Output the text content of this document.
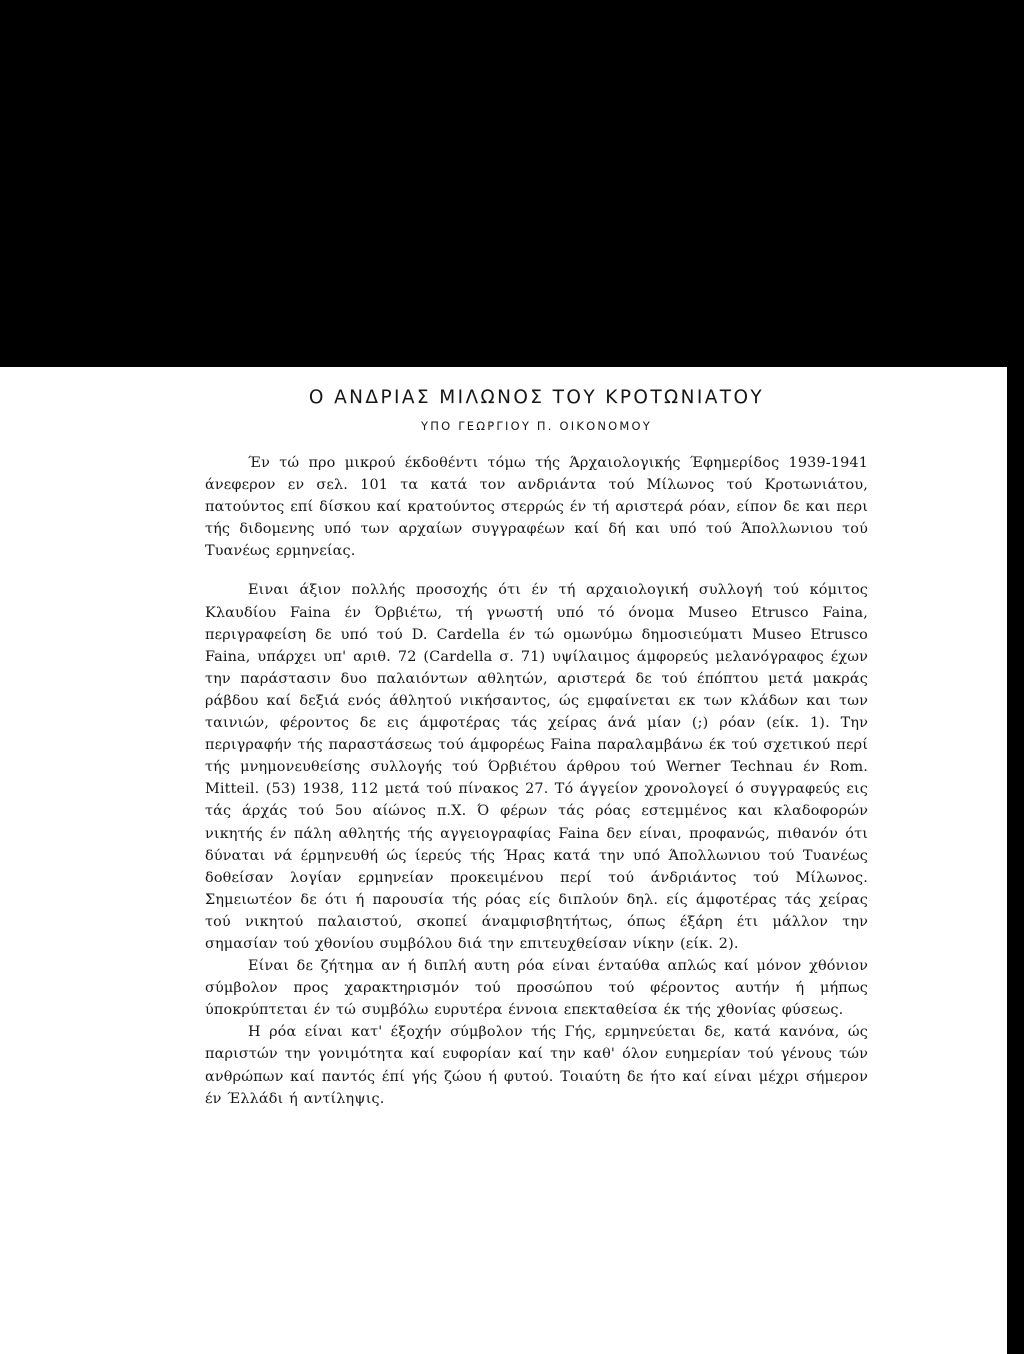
Ο ΑΝΔΡΙΑΣ ΜΙΛΩΝΟΣ ΤΟΥ ΚΡΟΤΩΝΙΑΤΟΥ
ΥΠΟ ΓΕΩΡΓΙΟΥ Π. ΟΙΚΟΝΟΜΟΥ

Έν τώ προ μικρού έκδοθέντι τόμω τής Άρχαιολογικής Έφημερίδος 1939-1941 άνεφερον εν σελ. 101 τα κατά τον ανδριάντα τού Μίλωνος τού Κροτωνιάτου, πατούντος επί δίσκου καί κρατούντος στερρώς έν τή αριστερά ρόαν, είπον δε και περι τής διδομενης υπό των αρχαίων συγγραφέων καί δή και υπό τού Άπολλωνιου τού Τυανέως ερμηνείας.

Ειναι άξιον πολλής προσοχής ότι έν τή αρχαιολογική συλλογή τού κόμιτος Κλαυδίου Faina έν Όρβιέτω, τή γνωστή υπό τό όνομα Museo Etrusco Faina, περιγραφείση δε υπό τού D. Cardella έν τώ ομωνύμω δημοσιεύματι Museo Etrusco Faina, υπάρχει υπ' αριθ. 72 (Cardella σ. 71) υψίλαιμος άμφορεύς μελανόγραφος έχων την παράστασιν δυο παλαιόντων αθλητών, αριστερά δε τού έπόπτου μετά μακράς ράβδου καί δεξιά ενός άθλητού νικήσαντος, ώς εμφαίνεται εκ των κλάδων και των ταινιών, φέροντος δε εις άμφοτέρας τάς χείρας άνά μίαν (;) ρόαν (είκ. 1). Την περιγραφήν τής παραστάσεως τού άμφορέως Faina παραλαμβάνω έκ τού σχετικού περί τής μνημονευθείσης συλλογής τού Όρβιέτου άρθρου τού Werner Technau έν Rom. Mitteil. (53) 1938, 112 μετά τού πίνακος 27. Τό άγγείον χρονολογεί ό συγγραφεύς εις τάς άρχάς τού 5ου αίώνος π.Χ. Ό φέρων τάς ρόας εστεμμένος και κλαδοφορών νικητής έν πάλη αθλητής τής αγγειογραφίας Faina δεν είναι, προφανώς, πιθανόν ότι δύναται νά έρμηνευθή ώς ίερεύς τής Ήρας κατά την υπό Άπολλωνιου τού Τυανέως δοθείσαν λογίαν ερμηνείαν προκειμένου περί τού άνδριάντος τού Μίλωνος. Σημειωτέον δε ότι ή παρουσία τής ρόας είς διπλούν δηλ. είς άμφοτέρας τάς χείρας τού νικητού παλαιστού, σκοπεί άναμφισβητήτως, όπως έξάρη έτι μάλλον την σημασίαν τού χθονίου συμβόλου διά την επιτευχθείσαν νίκην (είκ. 2).

Είναι δε ζήτημα αν ή διπλή αυτη ρόα είναι ένταύθα απλώς καί μόνον χθόνιον σύμβολον προς χαρακτηρισμόν τού προσώπου τού φέροντος αυτήν ή μήπως ύποκρύπτεται έν τώ συμβόλω ευρυτέρα έννοια επεκταθείσα έκ τής χθονίας φύσεως.

Η ρόα είναι κατ' έξοχήν σύμβολον τής Γής, ερμηνεύεται δε, κατά κανόνα, ώς παριστών την γονιμότητα καί ευφορίαν καί την καθ' όλον ευημερίαν τού γένους τών ανθρώπων καί παντός έπί γής ζώου ή φυτού. Τοιαύτη δε ήτο καί είναι μέχρι σήμερον έν Έλλάδι ή αντίληψις.
